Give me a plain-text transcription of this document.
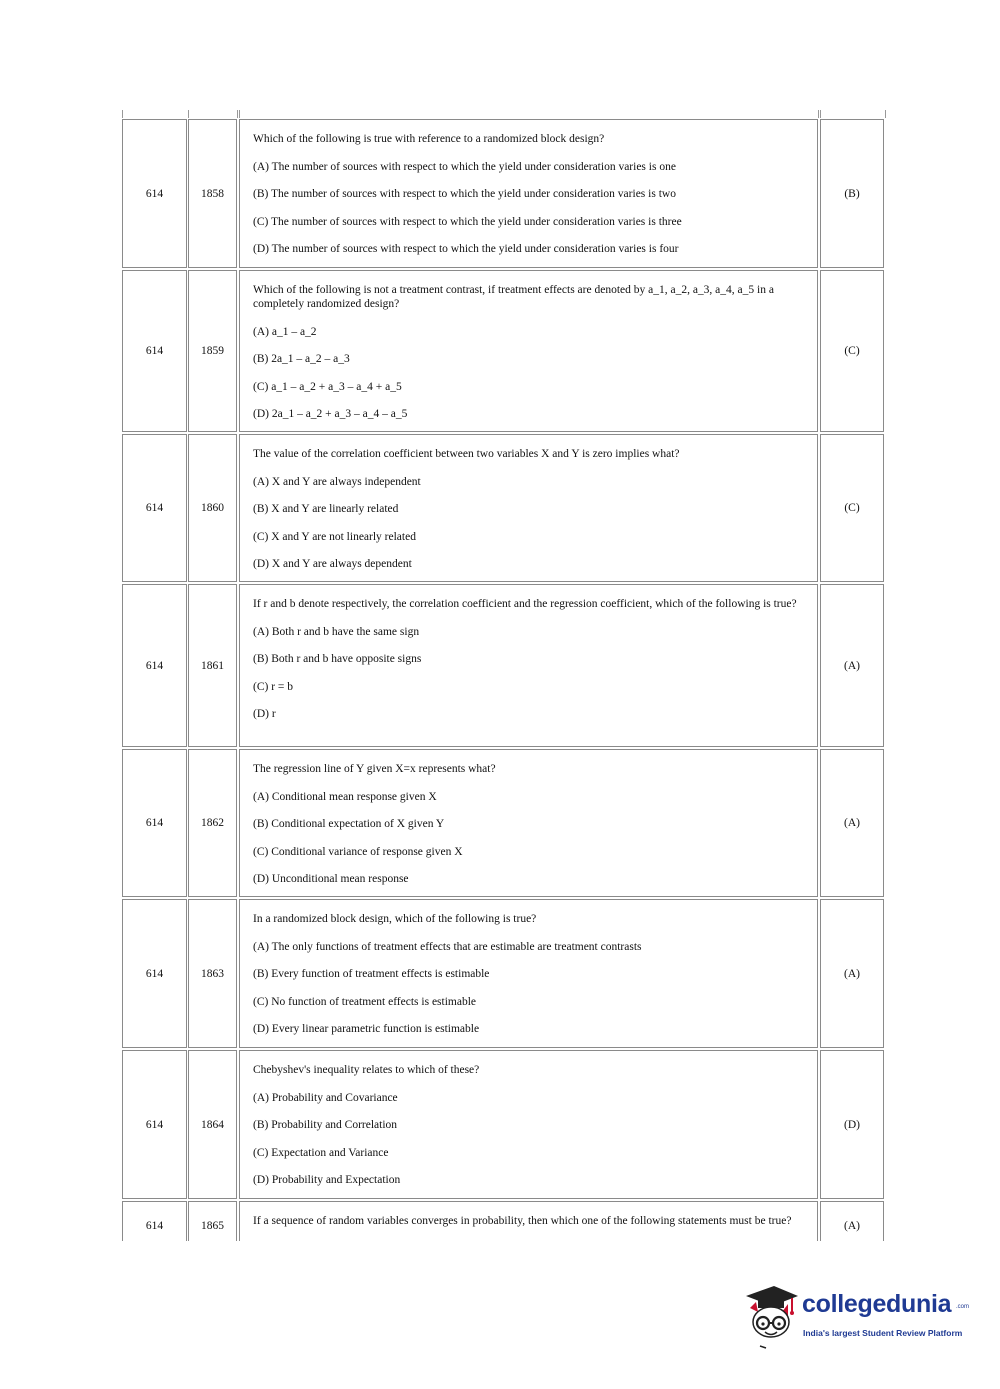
614	1858
Which of the following is true with reference to a randomized block design?
(A) The number of sources with respect to which the yield under consideration varies is one
(B) The number of sources with respect to which the yield under consideration varies is two
(C) The number of sources with respect to which the yield under consideration varies is three
(D) The number of sources with respect to which the yield under consideration varies is four
(B)
614	1859
Which of the following is not a treatment contrast, if treatment effects are denoted by a_1, a_2, a_3, a_4, a_5 in a completely randomized design?
(A) a_1 – a_2
(B) 2a_1 – a_2 – a_3
(C) a_1 – a_2 + a_3 – a_4 + a_5
(D) 2a_1 – a_2 + a_3 – a_4 – a_5
(C)
614	1860
The value of the correlation coefficient between two variables X and Y is zero implies what?
(A) X and Y are always independent
(B) X and Y are linearly related
(C) X and Y are not linearly related
(D) X and Y are always dependent
(C)
614	1861
If r and b denote respectively, the correlation coefficient and the regression coefficient, which of the following is true?
(A) Both r and b have the same sign
(B) Both r and b have opposite signs
(C) r = b
(D) r
(A)
614	1862
The regression line of Y given X=x represents what?
(A) Conditional mean response given X
(B) Conditional expectation of X given Y
(C) Conditional variance of response given X
(D) Unconditional mean response
(A)
614	1863
In a randomized block design, which of the following is true?
(A) The only functions of treatment effects that are estimable are treatment contrasts
(B) Every function of treatment effects is estimable
(C) No function of treatment effects is estimable
(D) Every linear parametric function is estimable
(A)
614	1864
Chebyshev's inequality relates to which of these?
(A) Probability and Covariance
(B) Probability and Correlation
(C) Expectation and Variance
(D) Probability and Expectation
(D)
614	1865	If a sequence of random variables converges in probability, then which one of the following statements must be true?	(A)
collegedunia .com
India's largest Student Review Platform
